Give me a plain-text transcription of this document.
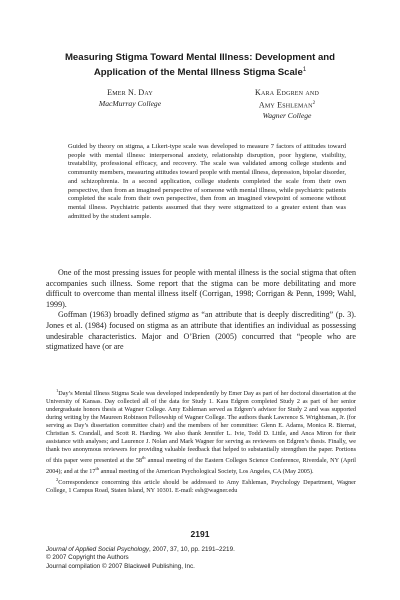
Measuring Stigma Toward Mental Illness: Development and
Application of the Mental Illness Stigma Scale$^1$
Emer N. Day
MacMurray College
Kara Edgren and
Amy Eshleman$^2$
Wagner College

Guided by theory on stigma, a Likert-type scale was developed to measure 7 factors of attitudes toward people with mental illness: interpersonal anxiety, relationship disruption, poor hygiene, visibility, treatability, professional efficacy, and recovery. The scale was validated among college students and community members, measuring attitudes toward people with mental illness, depression, bipolar disorder, and schizophrenia. In a second application, college students completed the scale from their own perspective, then from an imagined perspective of someone with mental illness, while psychiatric patients completed the scale from their own perspective, then from an imagined viewpoint of someone without mental illness. Psychiatric patients assumed that they were stigmatized to a greater extent than was admitted by the student sample.

One of the most pressing issues for people with mental illness is the social stigma that often accompanies such illness. Some report that the stigma can be more debilitating and more difficult to overcome than mental illness itself (Corrigan, 1998; Corrigan & Penn, 1999; Wahl, 1999).

Goffman (1963) broadly defined stigma as “an attribute that is deeply discrediting” (p. 3). Jones et al. (1984) focused on stigma as an attribute that identifies an individual as possessing undesirable characteristics. Major and O’Brien (2005) concurred that “people who are stigmatized have (or are

$^1$Day’s Mental Illness Stigma Scale was developed independently by Emer Day as part of her doctoral dissertation at the University of Kansas. Day collected all of the data for Study 1. Kara Edgren completed Study 2 as part of her senior undergraduate honors thesis at Wagner College. Amy Eshleman served as Edgren’s advisor for Study 2 and was supported during writing by the Maureen Robinson Fellowship of Wagner College. The authors thank Lawrence S. Wrightsman, Jr. (for serving as Day’s dissertation committee chair) and the members of her committee: Glenn E. Adams, Monica R. Biernat, Christian S. Crandall, and Scott R. Harding. We also thank Jennifer L. Ivie, Todd D. Little, and Anca Miron for their assistance with analyses; and Laurence J. Nolan and Mark Wagner for serving as reviewers on Edgren’s thesis. Finally, we thank two anonymous reviewers for providing valuable feedback that helped to substantially strengthen the paper. Portions of this paper were presented at the 58th annual meeting of the Eastern Colleges Science Conference, Riverdale, NY (April 2004); and at the 17th annual meeting of the American Psychological Society, Los Angeles, CA (May 2005).

$^2$Correspondence concerning this article should be addressed to Amy Eshleman, Psychology Department, Wagner College, 1 Campus Road, Staten Island, NY 10301. E-mail: esh@wagner.edu

2191
Journal of Applied Social Psychology, 2007, 37, 10, pp. 2191–2219.
© 2007 Copyright the Authors
Journal compilation © 2007 Blackwell Publishing, Inc.
